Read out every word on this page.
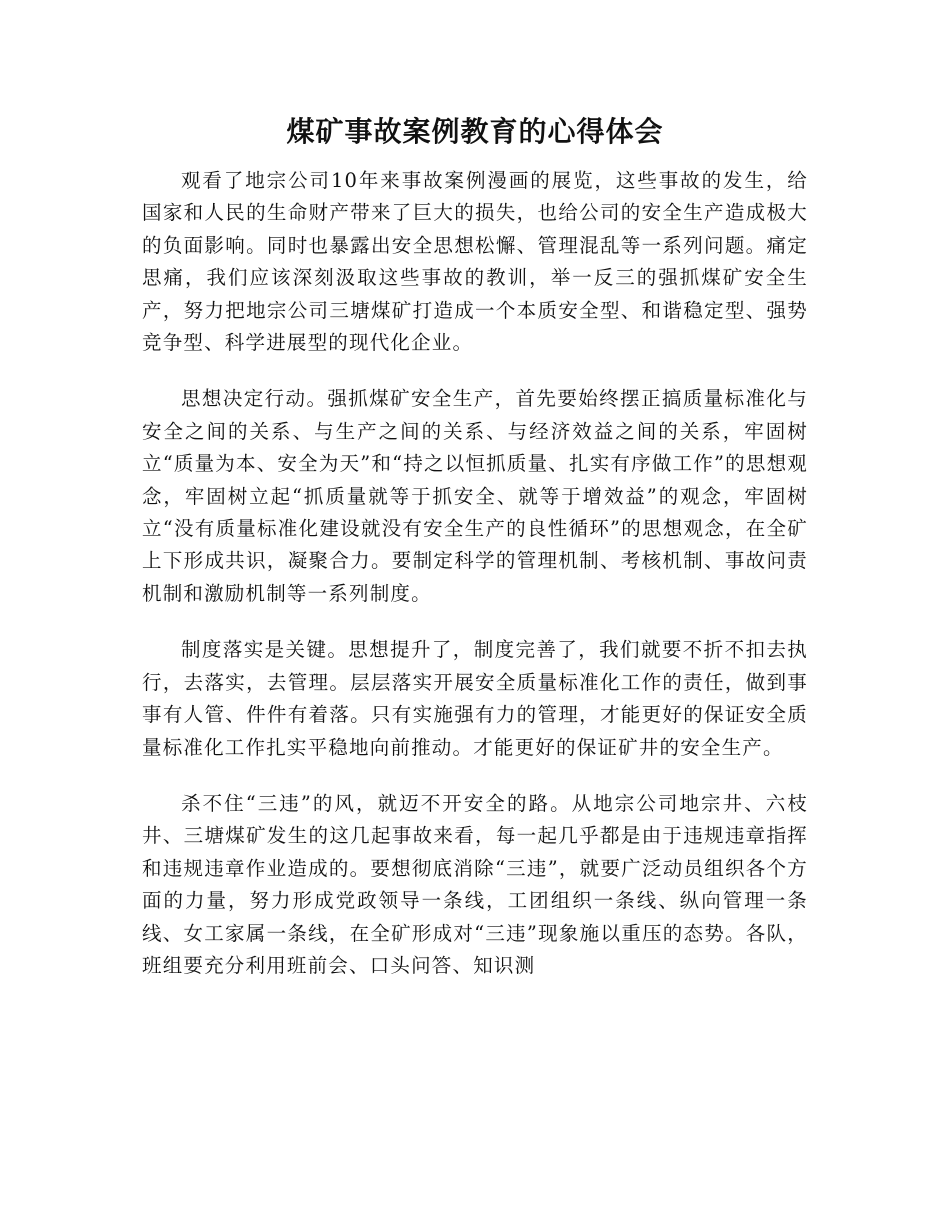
煤矿事故案例教育的心得体会

观看了地宗公司10年来事故案例漫画的展览，这些事故的发生，给国家和人民的生命财产带来了巨大的损失，也给公司的安全生产造成极大的负面影响。同时也暴露出安全思想松懈、管理混乱等一系列问题。痛定思痛，我们应该深刻汲取这些事故的教训，举一反三的强抓煤矿安全生产，努力把地宗公司三塘煤矿打造成一个本质安全型、和谐稳定型、强势竞争型、科学进展型的现代化企业。

思想决定行动。强抓煤矿安全生产，首先要始终摆正搞质量标准化与安全之间的关系、与生产之间的关系、与经济效益之间的关系，牢固树立“质量为本、安全为天”和“持之以恒抓质量、扎实有序做工作”的思想观念，牢固树立起“抓质量就等于抓安全、就等于增效益”的观念，牢固树立“没有质量标准化建设就没有安全生产的良性循环”的思想观念，在全矿上下形成共识，凝聚合力。要制定科学的管理机制、考核机制、事故问责机制和激励机制等一系列制度。

制度落实是关键。思想提升了，制度完善了，我们就要不折不扣去执行，去落实，去管理。层层落实开展安全质量标准化工作的责任，做到事事有人管、件件有着落。只有实施强有力的管理，才能更好的保证安全质量标准化工作扎实平稳地向前推动。才能更好的保证矿井的安全生产。

杀不住“三违”的风，就迈不开安全的路。从地宗公司地宗井、六枝井、三塘煤矿发生的这几起事故来看，每一起几乎都是由于违规违章指挥和违规违章作业造成的。要想彻底消除“三违”，就要广泛动员组织各个方面的力量，努力形成党政领导一条线，工团组织一条线、纵向管理一条线、女工家属一条线，在全矿形成对“三违”现象施以重压的态势。各队，班组要充分利用班前会、口头问答、知识测
